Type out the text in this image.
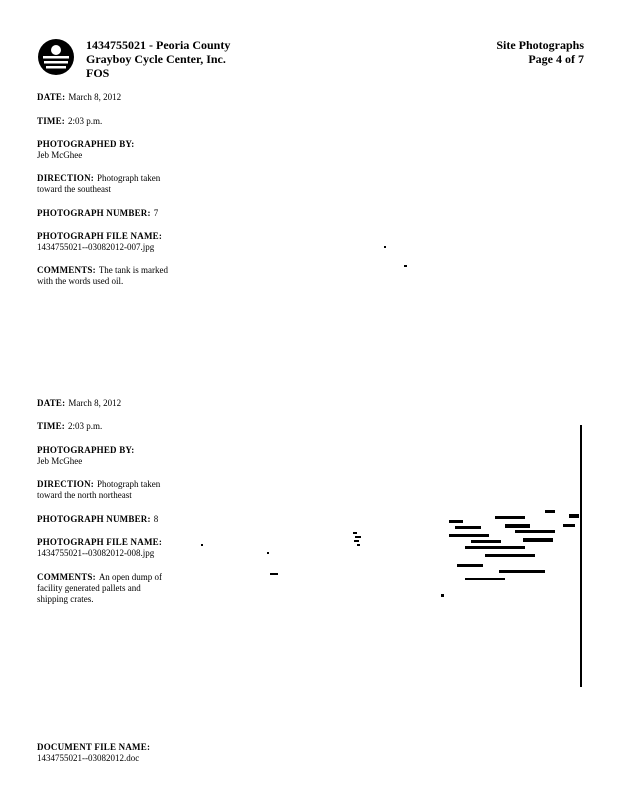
1434755021 - Peoria County
Grayboy Cycle Center, Inc.
FOS
Site Photographs
Page 4 of 7
DATE: March 8, 2012
TIME: 2:03 p.m.
PHOTOGRAPHED BY:
Jeb McGhee
DIRECTION: Photograph taken
toward the southeast
PHOTOGRAPH NUMBER: 7
PHOTOGRAPH FILE NAME:
1434755021--03082012-007.jpg
COMMENTS: The tank is marked
with the words used oil.
DATE: March 8, 2012
TIME: 2:03 p.m.
PHOTOGRAPHED BY:
Jeb McGhee
DIRECTION: Photograph taken
toward the north northeast
PHOTOGRAPH NUMBER: 8
PHOTOGRAPH FILE NAME:
1434755021--03082012-008.jpg
COMMENTS: An open dump of
facility generated pallets and
shipping crates.
DOCUMENT FILE NAME:
1434755021--03082012.doc
